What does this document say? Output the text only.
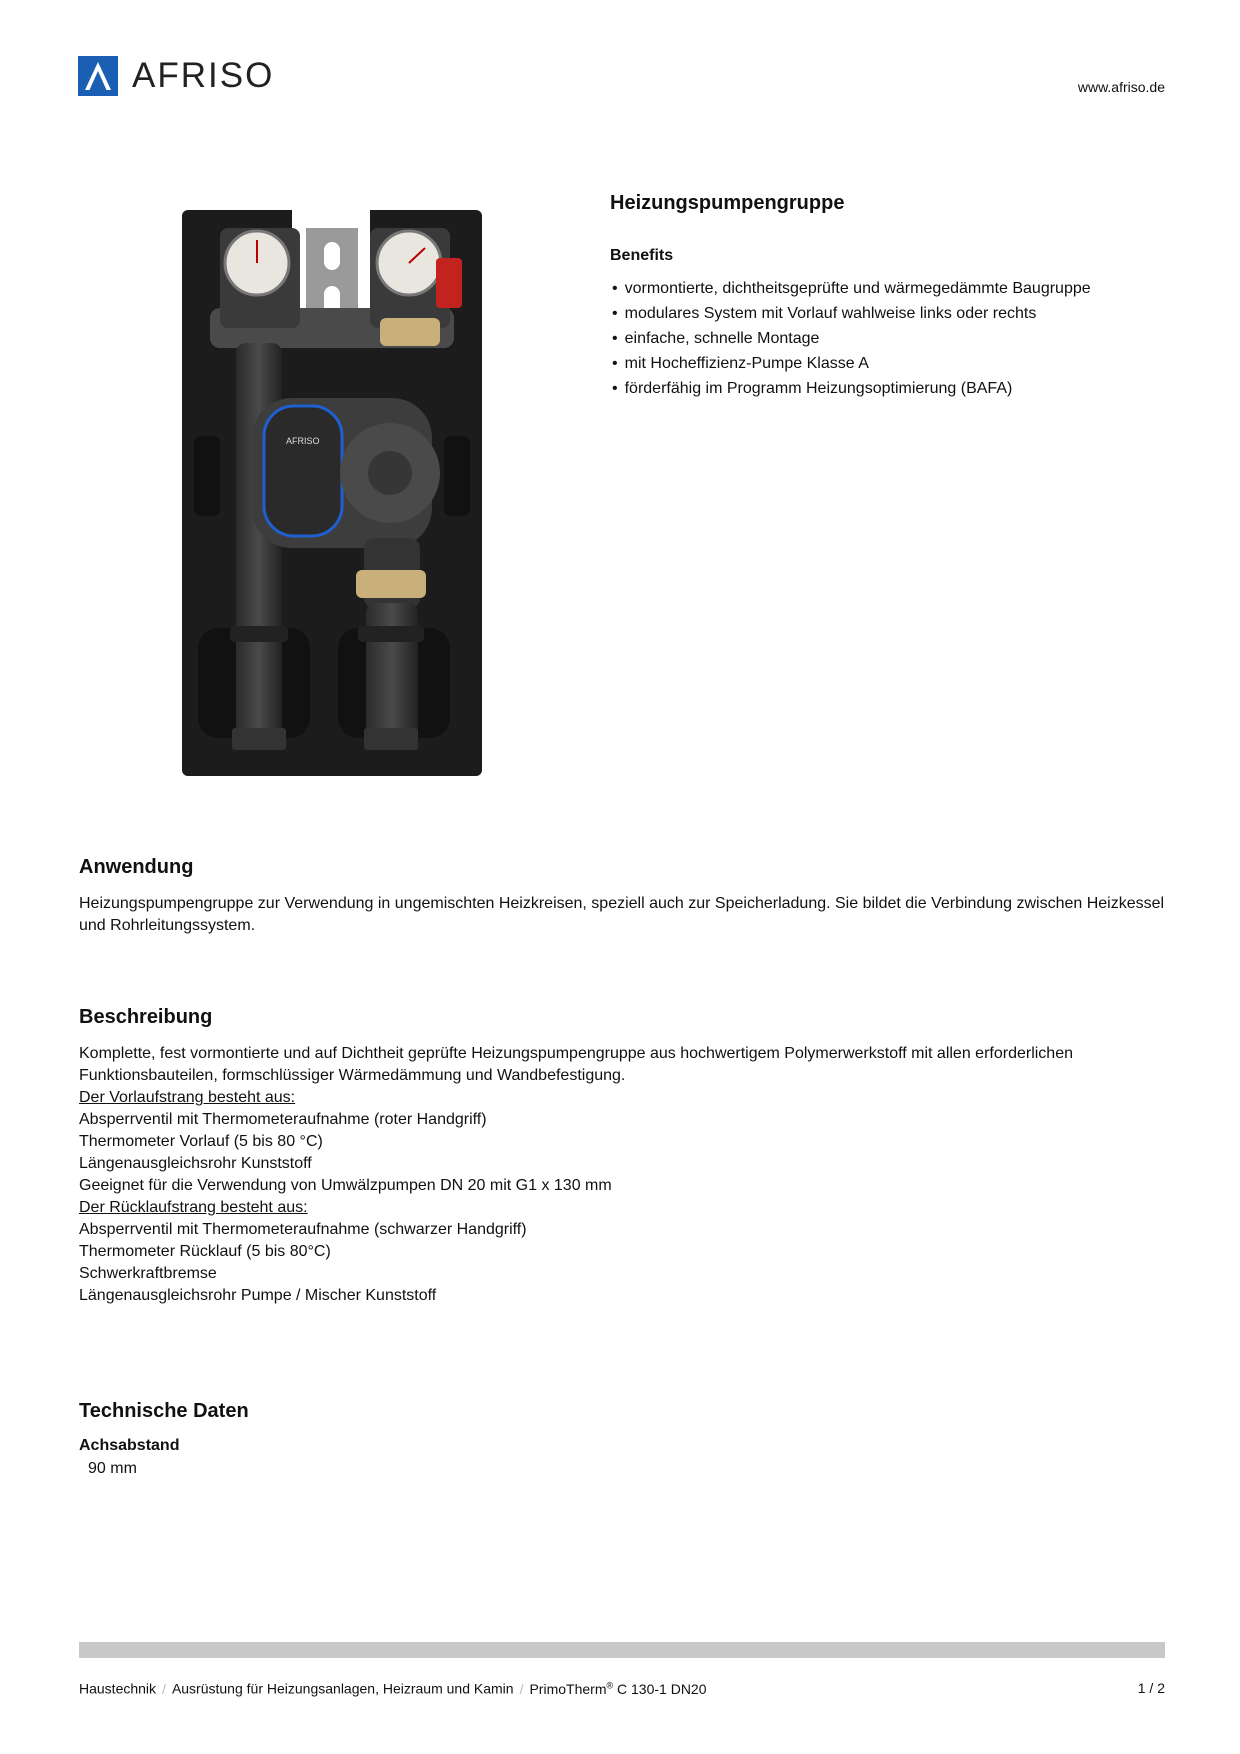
AFRISO	www.afriso.de
AFRISO
Heizungspumpengruppe
Benefits
• vormontierte, dichtheitsgeprüfte und wärmegedämmte Baugruppe
• modulares System mit Vorlauf wahlweise links oder rechts
• einfache, schnelle Montage
• mit Hocheffizienz-Pumpe Klasse A
• förderfähig im Programm Heizungsoptimierung (BAFA)
Anwendung
Heizungspumpengruppe zur Verwendung in ungemischten Heizkreisen, speziell auch zur Speicherladung. Sie bildet die Verbindung zwischen Heizkessel und Rohrleitungssystem.
Beschreibung
Komplette, fest vormontierte und auf Dichtheit geprüfte Heizungspumpengruppe aus hochwertigem Polymerwerkstoff mit allen erforderlichen Funktionsbauteilen, formschlüssiger Wärmedämmung und Wandbefestigung.
Der Vorlaufstrang besteht aus:
Absperrventil mit Thermometeraufnahme (roter Handgriff)
Thermometer Vorlauf (5 bis 80 °C)
Längenausgleichsrohr Kunststoff
Geeignet für die Verwendung von Umwälzpumpen DN 20 mit G1 x 130 mm
Der Rücklaufstrang besteht aus:
Absperrventil mit Thermometeraufnahme (schwarzer Handgriff)
Thermometer Rücklauf (5 bis 80°C)
Schwerkraftbremse
Längenausgleichsrohr Pumpe / Mischer Kunststoff
Technische Daten
Achsabstand
90 mm
Haustechnik / Ausrüstung für Heizungsanlagen, Heizraum und Kamin / PrimoTherm® C 130-1 DN20	1 / 2
